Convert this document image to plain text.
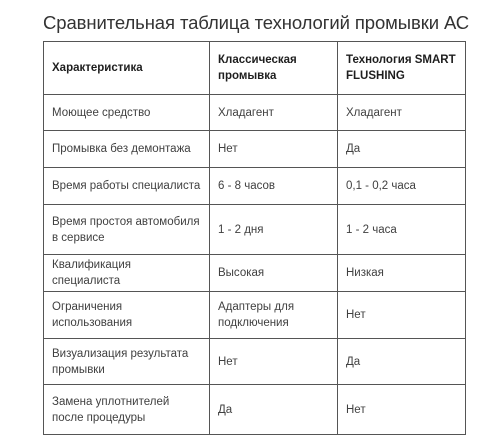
Сравнительная таблица технологий промывки АС
Характеристика	Классическая промывка	Технология SMART FLUSHING
Моющее средство	Хладагент	Хладагент
Промывка без демонтажа	Нет	Да
Время работы специалиста	6 - 8 часов	0,1 - 0,2 часа
Время простоя автомобиля в сервисе	1 - 2 дня	1 - 2 часа
Квалификация специалиста	Высокая	Низкая
Ограничения использования	Адаптеры для подключения	Нет
Визуализация результата промывки	Нет	Да
Замена уплотнителей после процедуры	Да	Нет
